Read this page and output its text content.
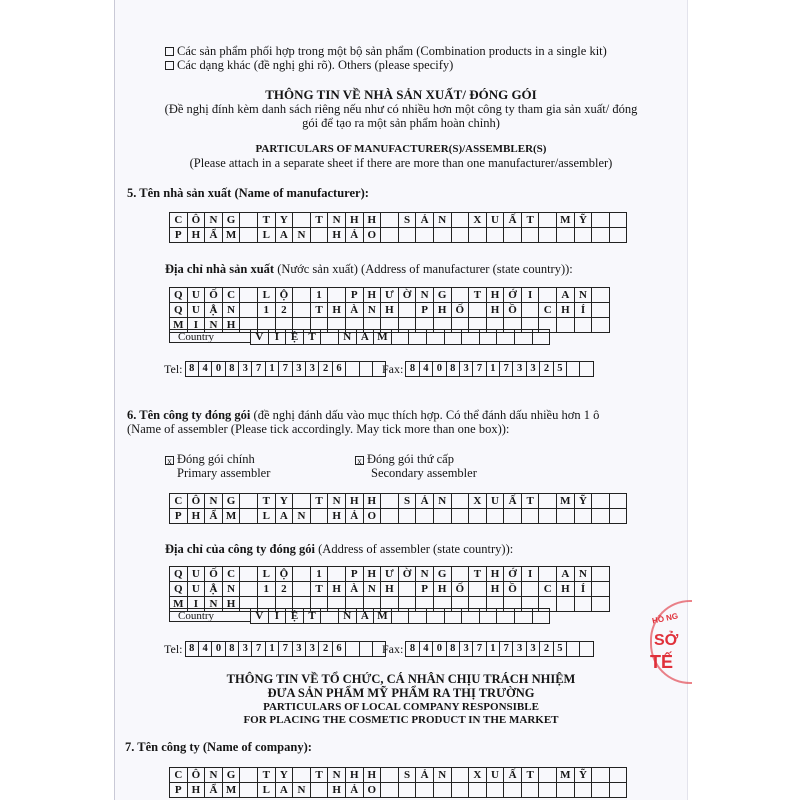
Các sản phẩm phối hợp trong một bộ sản phẩm (Combination products in a single kit)
Các dạng khác (đề nghị ghi rõ). Others (please specify)
THÔNG TIN VỀ NHÀ SẢN XUẤT/ ĐÓNG GÓI
(Đề nghị đính kèm danh sách riêng nếu như có nhiều hơn một công ty tham gia sản xuất/ đóng
gói để tạo ra một sản phẩm hoàn chỉnh)
PARTICULARS OF MANUFACTURER(S)/ASSEMBLER(S)
(Please attach in a separate sheet if there are more than one manufacturer/assembler)
5. Tên nhà sản xuất (Name of manufacturer):
C Ô N G	T Y	T N H H	S Ả N	X U Ấ T	M Ỹ
P H Ẩ M	L A N	H Ả O
Địa chỉ nhà sản xuất (Nước sản xuất) (Address of manufacturer (state country)):
Q U Ố C	L Ộ	1	P H Ư Ờ N G	T H Ớ	I	A N
Q U Ậ N	1	2	T H À N H	P H Ố	H Ồ	C H	Í
M I	N H
Country	V	I	Ệ T	N A M
Tel: 8 4 0 8 3 7 1 7 3 3 2 6	Fax: 8 4 0 8 3 7 1 7 3 3 2 5
6. Tên công ty đóng gói (đề nghị đánh dấu vào mục thích hợp. Có thể đánh dấu nhiều hơn 1 ô
(Name of assembler (Please tick accordingly. May tick more than one box)):
x Đóng gói chính
Primary assembler
x Đóng gói thứ cấp
Secondary assembler
C Ô N G	T Y	T N H H	S Ả N	X U Ấ T	M Ỹ
P H Ẩ M	L A N	H Ả O
Địa chỉ của công ty đóng gói (Address of assembler (state country)):
Q U Ố C	L Ộ	1	P H Ư Ờ N G	T H Ớ	I	A N
Q U Ậ N	1	2	T H À N H	P H Ố	H Ồ	C H	Í
M I	N H
Country	V	I	Ệ T	N A M
Tel: 8 4 0 8 3 7 1 7 3 3 2 6	Fax: 8 4 0 8 3 7 1 7 3 3 2 5
THÔNG TIN VỀ TỔ CHỨC, CÁ NHÂN CHỊU TRÁCH NHIỆM
ĐƯA SẢN PHẨM MỸ PHẨM RA THỊ TRƯỜNG
PARTICULARS OF LOCAL COMPANY RESPONSIBLE
FOR PLACING THE COSMETIC PRODUCT IN THE MARKET
7. Tên công ty (Name of company):
C Ô N G	T Y	T N H H	S Ả N	X U Ấ T	M Ỹ
P H Ẩ M	L A N	H Ả O
HỒ NG
SỞ
TẾ
